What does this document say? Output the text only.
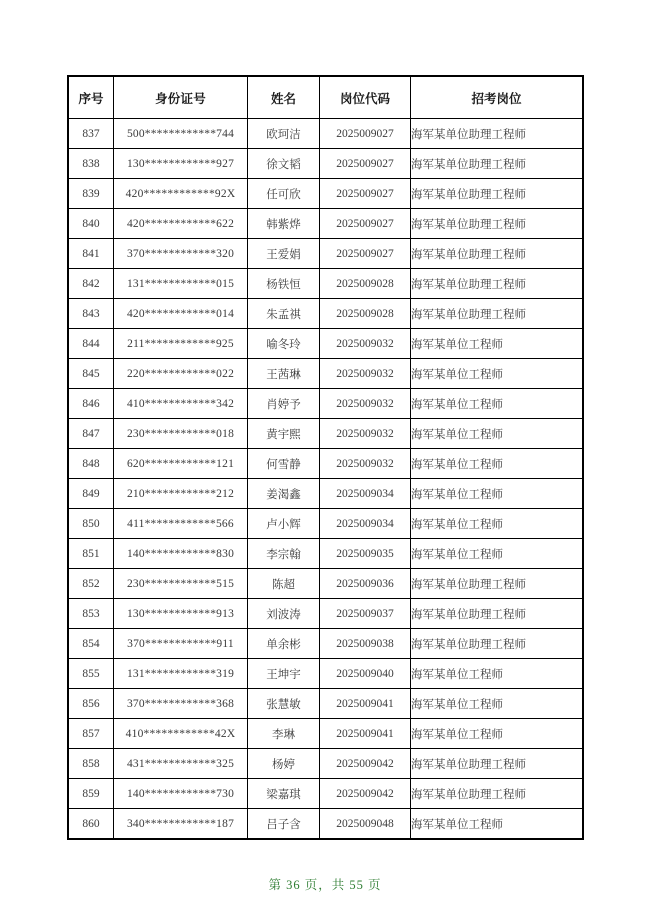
序号	身份证号	姓名	岗位代码	招考岗位
837	500************744	欧珂洁	2025009027	海军某单位助理工程师
838	130************927	徐文韬	2025009027	海军某单位助理工程师
839	420************92X	任可欣	2025009027	海军某单位助理工程师
840	420************622	韩紫烨	2025009027	海军某单位助理工程师
841	370************320	王爱娟	2025009027	海军某单位助理工程师
842	131************015	杨铁恒	2025009028	海军某单位助理工程师
843	420************014	朱孟祺	2025009028	海军某单位助理工程师
844	211************925	喻冬玲	2025009032	海军某单位工程师
845	220************022	王茜琳	2025009032	海军某单位工程师
846	410************342	肖婷予	2025009032	海军某单位工程师
847	230************018	黄宇熙	2025009032	海军某单位工程师
848	620************121	何雪静	2025009032	海军某单位工程师
849	210************212	姜渴鑫	2025009034	海军某单位工程师
850	411************566	卢小辉	2025009034	海军某单位工程师
851	140************830	李宗翰	2025009035	海军某单位工程师
852	230************515	陈超	2025009036	海军某单位助理工程师
853	130************913	刘波涛	2025009037	海军某单位助理工程师
854	370************911	单余彬	2025009038	海军某单位助理工程师
855	131************319	王坤宇	2025009040	海军某单位工程师
856	370************368	张慧敏	2025009041	海军某单位工程师
857	410************42X	李琳	2025009041	海军某单位工程师
858	431************325	杨婷	2025009042	海军某单位助理工程师
859	140************730	梁嘉琪	2025009042	海军某单位助理工程师
860	340************187	吕子含	2025009048	海军某单位工程师
第 36 页，共 55 页
